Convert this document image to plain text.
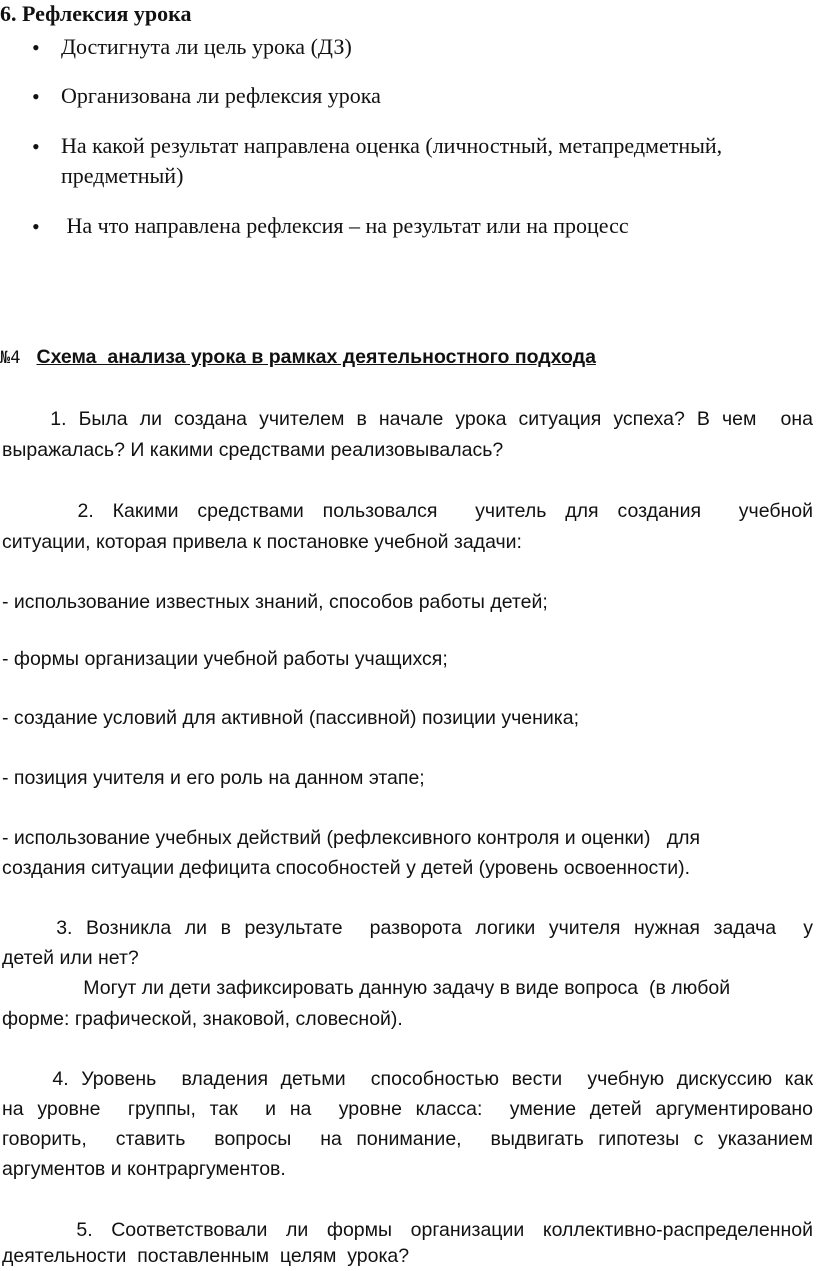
6. Рефлексия урока
• Достигнута ли цель урока (ДЗ)
• Организована ли рефлексия урока
• На какой результат направлена оценка (личностный, метапредметный,
предметный)
• На что направлена рефлексия – на результат или на процесс
№4 Схема  анализа урока в рамках деятельностного подхода
1. Была ли создана учителем в начале урока ситуация успеха? В чем  она
выражалась? И какими средствами реализовывалась?
2. Какими средствами пользовался  учитель для создания  учебной
ситуации, которая привела к постановке учебной задачи:
- использование известных знаний, способов работы детей;
- формы организации учебной работы учащихся;
- создание условий для активной (пассивной) позиции ученика;
- позиция учителя и его роль на данном этапе;
- использование учебных действий (рефлексивного контроля и оценки)   для
создания ситуации дефицита способностей у детей (уровень освоенности).
3. Возникла ли в результате  разворота логики учителя нужная задача  у
детей или нет?
Могут ли дети зафиксировать данную задачу в виде вопроса  (в любой
форме: графической, знаковой, словесной).
4. Уровень  владения детьми  способностью вести  учебную дискуссию как
на уровне  группы, так  и на  уровне класса:  умение детей аргументировано
говорить,  ставить  вопросы  на понимание,  выдвигать гипотезы с указанием
аргументов и контраргументов.
5. Соответствовали ли формы организации коллективно-распределенной
деятельности  поставленным  целям  урока?
